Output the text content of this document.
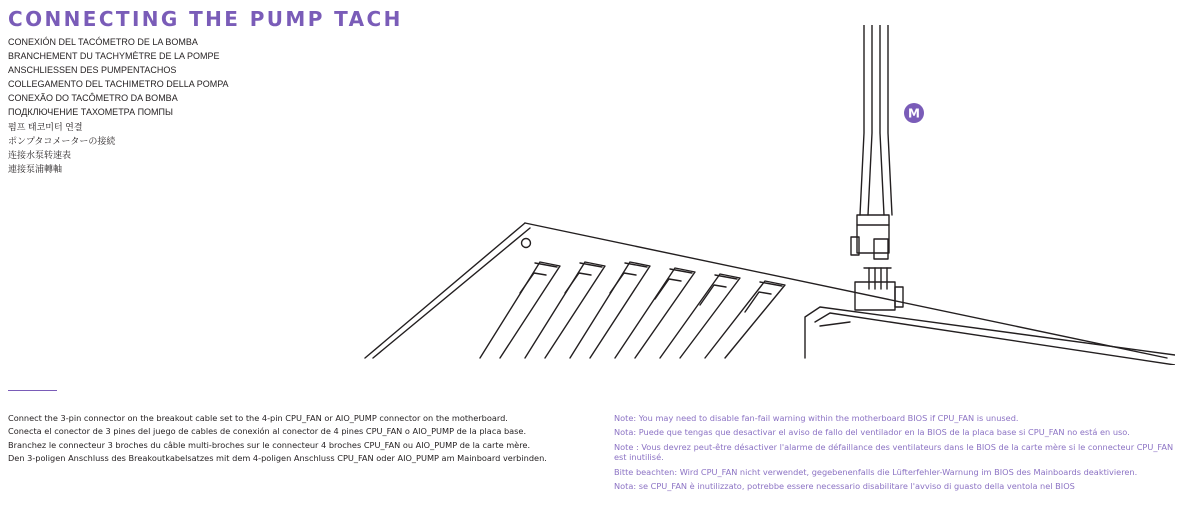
CONNECTING THE PUMP TACH
CONEXIÓN DEL TACÓMETRO DE LA BOMBA
BRANCHEMENT DU TACHYMÈTRE DE LA POMPE
ANSCHLIESSEN DES PUMPENTACHOS
COLLEGAMENTO DEL TACHIMETRO DELLA POMPA
CONEXÃO DO TACÔMETRO DA BOMBA
ПОДКЛЮЧЕНИЕ ТАХОМЕТРА ПОМПЫ
펌프 태코미터 연결
ポンプタコメーターの接続
连接水泵转速表
連接泵浦轉軸
M

Connect the 3-pin connector on the breakout cable set to the 4-pin CPU_FAN or AIO_PUMP connector on the motherboard.

Conecta el conector de 3 pines del juego de cables de conexión al conector de 4 pines CPU_FAN o AIO_PUMP de la placa base.

Branchez le connecteur 3 broches du câble multi-broches sur le connecteur 4 broches CPU_FAN ou AIO_PUMP de la carte mère.

Den 3-poligen Anschluss des Breakoutkabelsatzes mit dem 4-poligen Anschluss CPU_FAN oder AIO_PUMP am Mainboard verbinden.

Note: You may need to disable fan-fail warning within the motherboard BIOS if CPU_FAN is unused.

Nota: Puede que tengas que desactivar el aviso de fallo del ventilador en la BIOS de la placa base si CPU_FAN no está en uso.

Note : Vous devrez peut-être désactiver l'alarme de défaillance des ventilateurs dans le BIOS de la carte mère si le connecteur CPU_FAN est inutilisé.

Bitte beachten: Wird CPU_FAN nicht verwendet, gegebenenfalls die Lüfterfehler-Warnung im BIOS des Mainboards deaktivieren.

Nota: se CPU_FAN è inutilizzato, potrebbe essere necessario disabilitare l'avviso di guasto della ventola nel BIOS
